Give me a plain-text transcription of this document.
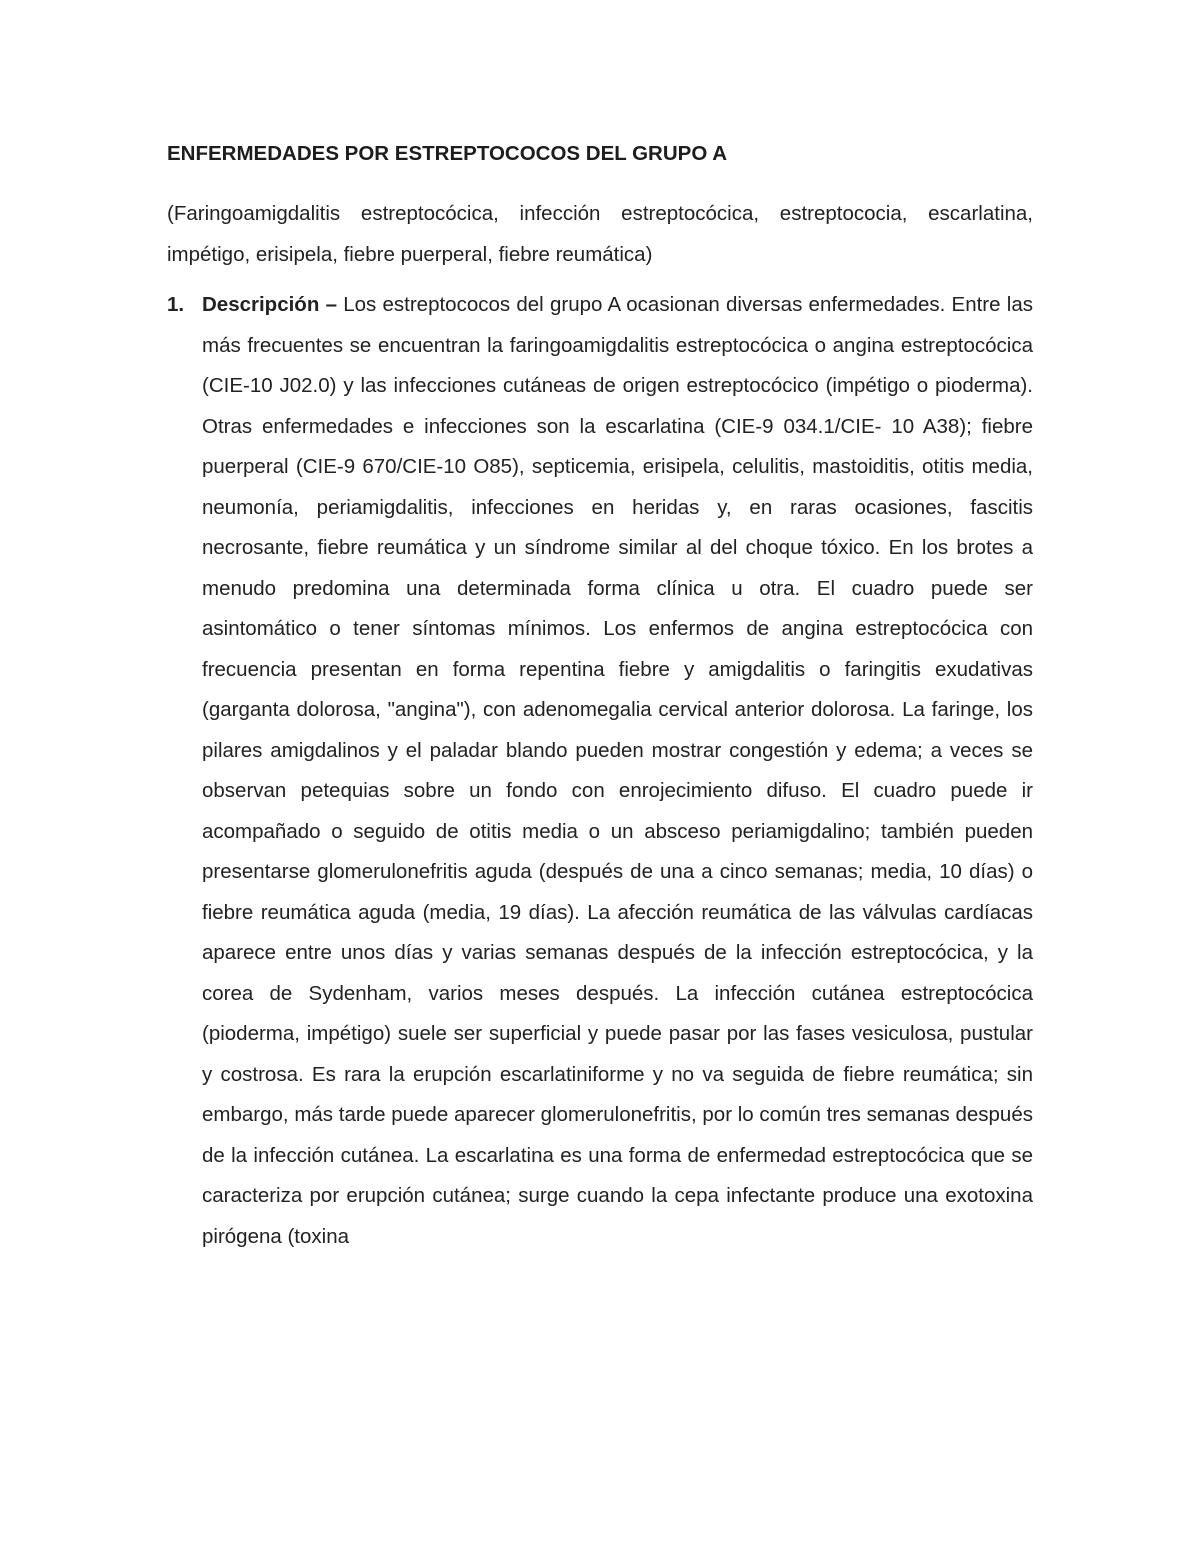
ENFERMEDADES POR ESTREPTOCOCOS DEL GRUPO A

(Faringoamigdalitis estreptocócica, infección estreptocócica, estreptococia, escarlatina, impétigo, erisipela, fiebre puerperal, fiebre reumática)

1. Descripción – Los estreptococos del grupo A ocasionan diversas enfermedades. Entre las más frecuentes se encuentran la faringoamigdalitis estreptocócica o angina estreptocócica (CIE-10 J02.0) y las infecciones cutáneas de origen estreptocócico (impétigo o pioderma). Otras enfermedades e infecciones son la escarlatina (CIE-9 034.1/CIE- 10 A38); fiebre puerperal (CIE-9 670/CIE-10 O85), septicemia, erisipela, celulitis, mastoiditis, otitis media, neumonía, periamigdalitis, infecciones en heridas y, en raras ocasiones, fascitis necrosante, fiebre reumática y un síndrome similar al del choque tóxico. En los brotes a menudo predomina una determinada forma clínica u otra. El cuadro puede ser asintomático o tener síntomas mínimos. Los enfermos de angina estreptocócica con frecuencia presentan en forma repentina fiebre y amigdalitis o faringitis exudativas (garganta dolorosa, "angina"), con adenomegalia cervical anterior dolorosa. La faringe, los pilares amigdalinos y el paladar blando pueden mostrar congestión y edema; a veces se observan petequias sobre un fondo con enrojecimiento difuso. El cuadro puede ir acompañado o seguido de otitis media o un absceso periamigdalino; también pueden presentarse glomerulonefritis aguda (después de una a cinco semanas; media, 10 días) o fiebre reumática aguda (media, 19 días). La afección reumática de las válvulas cardíacas aparece entre unos días y varias semanas después de la infección estreptocócica, y la corea de Sydenham, varios meses después. La infección cutánea estreptocócica (pioderma, impétigo) suele ser superficial y puede pasar por las fases vesiculosa, pustular y costrosa. Es rara la erupción escarlatiniforme y no va seguida de fiebre reumática; sin embargo, más tarde puede aparecer glomerulonefritis, por lo común tres semanas después de la infección cutánea. La escarlatina es una forma de enfermedad estreptocócica que se caracteriza por erupción cutánea; surge cuando la cepa infectante produce una exotoxina pirógena (toxina
